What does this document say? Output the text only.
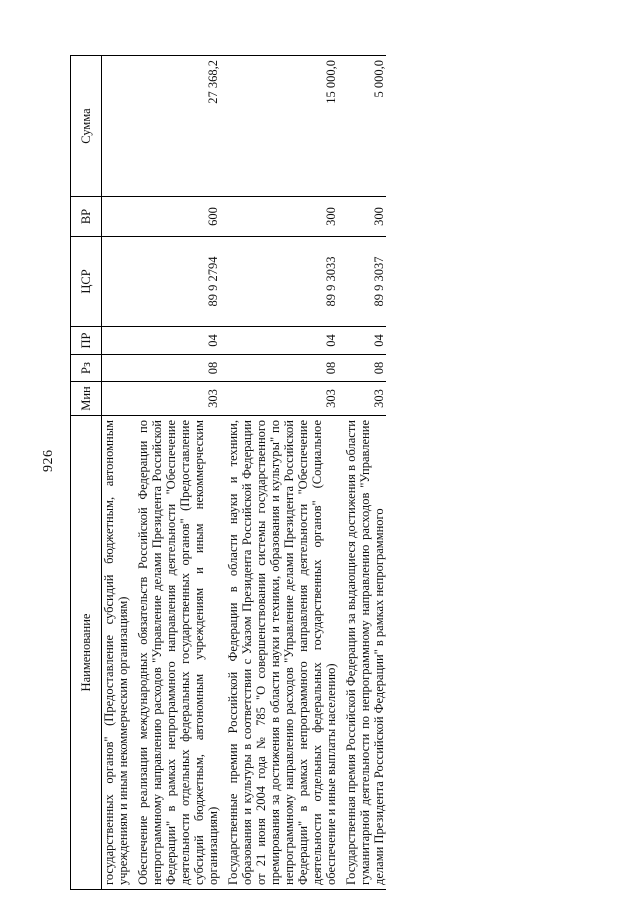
926
Наименование	Мин	Рз	ПР	ЦСР	ВР	Сумма
государственных органов" (Предоставление субсидий бюджетным, автономным учреждениям и иным некоммерческим организациям)						

Обеспечение реализации международных обязательств Российской Федерации по непрограммному направлению расходов "Управление делами Президента Российской Федерации" в рамках непрограммного направления деятельности "Обеспечение деятельности отдельных федеральных государственных органов" (Предоставление субсидий бюджетным, автономным учреждениям и иным некоммерческим организациям)	303	08	04	89 9 2794	600	27 368,2

Государственные премии Российской Федерации в области науки и техники, образования и культуры в соответствии с Указом Президента Российской Федерации от 21 июня 2004 года № 785 "О совершенствовании системы государственного премирования за достижения в области науки и техники, образования и культуры" по непрограммному направлению расходов "Управление делами Президента Российской Федерации" в рамках непрограммного направления деятельности "Обеспечение деятельности отдельных федеральных государственных органов" (Социальное обеспечение и иные выплаты населению)	303	08	04	89 9 3033	300	15 000,0

Государственная премия Российской Федерации за выдающиеся достижения в области гуманитарной деятельности по непрограммному направлению расходов "Управление делами Президента Российской Федерации" в рамках непрограммного	303	08	04	89 9 3037	300	5 000,0
